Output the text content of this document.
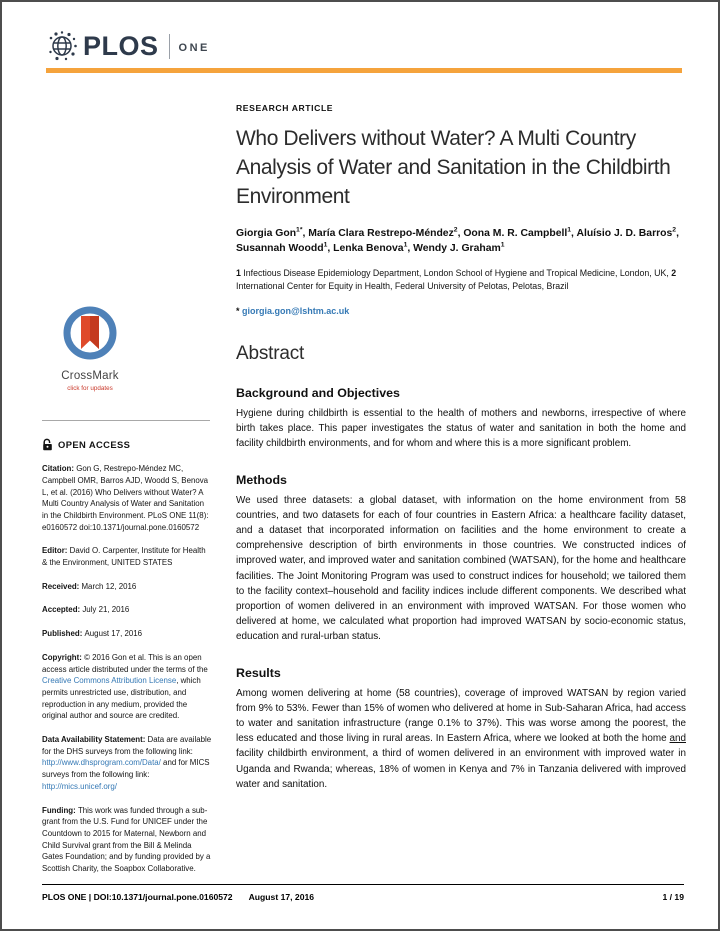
PLOS ONE
CrossMark
click for updates
OPEN ACCESS

Citation: Gon G, Restrepo-Méndez MC, Campbell OMR, Barros AJD, Woodd S, Benova L, et al. (2016) Who Delivers without Water? A Multi Country Analysis of Water and Sanitation in the Childbirth Environment. PLoS ONE 11(8): e0160572 doi:10.1371/journal.pone.0160572

Editor: David O. Carpenter, Institute for Health & the Environment, UNITED STATES

Received: March 12, 2016

Accepted: July 21, 2016

Published: August 17, 2016

Copyright: © 2016 Gon et al. This is an open access article distributed under the terms of the Creative Commons Attribution License, which permits unrestricted use, distribution, and reproduction in any medium, provided the original author and source are credited.

Data Availability Statement: Data are available for the DHS surveys from the following link: http://www.dhsprogram.com/Data/ and for MICS surveys from the following link: http://mics.unicef.org/

Funding: This work was funded through a sub-grant from the U.S. Fund for UNICEF under the Countdown to 2015 for Maternal, Newborn and Child Survival grant from the Bill & Melinda Gates Foundation; and by funding provided by a Scottish Charity, the Soapbox Collaborative.

RESEARCH ARTICLE
Who Delivers without Water? A Multi Country Analysis of Water and Sanitation in the Childbirth Environment

Giorgia Gon$^{1*}$, María Clara Restrepo-Méndez$^2$, Oona M. R. Campbell$^1$, Aluísio J. D. Barros$^2$, Susannah Woodd$^1$, Lenka Benova$^1$, Wendy J. Graham$^1$

1 Infectious Disease Epidemiology Department, London School of Hygiene and Tropical Medicine, London, UK, 2 International Center for Equity in Health, Federal University of Pelotas, Pelotas, Brazil

* giorgia.gon@lshtm.ac.uk

Abstract
Background and Objectives

Hygiene during childbirth is essential to the health of mothers and newborns, irrespective of where birth takes place. This paper investigates the status of water and sanitation in both the home and facility childbirth environments, and for whom and where this is a more significant problem.

Methods

We used three datasets: a global dataset, with information on the home environment from 58 countries, and two datasets for each of four countries in Eastern Africa: a healthcare facility dataset, and a dataset that incorporated information on facilities and the home environment to create a comprehensive description of birth environments in those countries. We constructed indices of improved water, and improved water and sanitation combined (WATSAN), for the home and healthcare facilities. The Joint Monitoring Program was used to construct indices for household; we tailored them to the facility context–household and facility indices include different components. We described what proportion of women delivered in an environment with improved WATSAN. For those women who delivered at home, we calculated what proportion had improved WATSAN by socio-economic status, education and rural-urban status.

Results

Among women delivering at home (58 countries), coverage of improved WATSAN by region varied from 9% to 53%. Fewer than 15% of women who delivered at home in Sub-Saharan Africa, had access to water and sanitation infrastructure (range 0.1% to 37%). This was worse among the poorest, the less educated and those living in rural areas. In Eastern Africa, where we looked at both the home and facility childbirth environment, a third of women delivered in an environment with improved water in Uganda and Rwanda; whereas, 18% of women in Kenya and 7% in Tanzania delivered with improved water and sanitation.

PLOS ONE | DOI:10.1371/journal.pone.0160572 August 17, 2016	1 / 19
